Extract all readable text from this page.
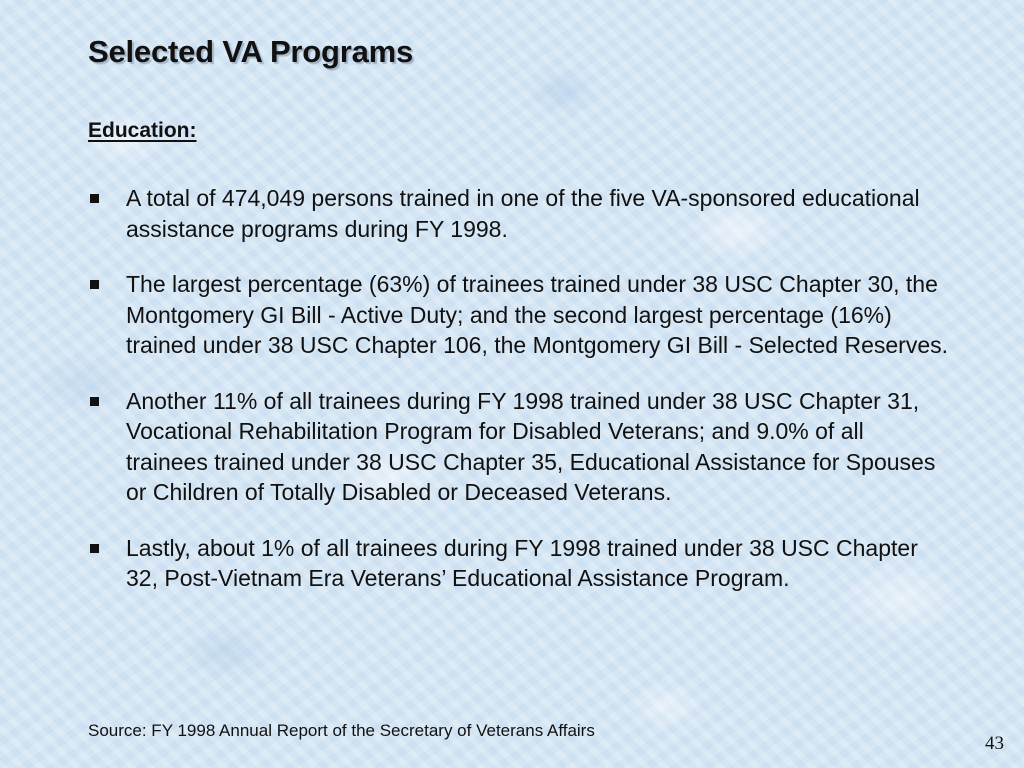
Selected VA Programs
Education:
A total of 474,049 persons trained in one of the five VA-sponsored educational assistance programs during FY 1998.
The largest percentage (63%) of trainees trained under 38 USC Chapter 30, the Montgomery GI Bill - Active Duty; and the second largest percentage (16%) trained under 38 USC Chapter 106, the Montgomery GI Bill - Selected Reserves.
Another 11% of all trainees during FY 1998 trained under 38 USC Chapter 31, Vocational Rehabilitation Program for Disabled Veterans; and 9.0% of all trainees trained under 38 USC Chapter 35, Educational Assistance for Spouses or Children of Totally Disabled or Deceased Veterans.
Lastly, about 1% of all trainees during FY 1998 trained under 38 USC Chapter 32, Post-Vietnam Era Veterans’ Educational Assistance Program.

Source: FY 1998 Annual Report of the Secretary of Veterans Affairs

43
